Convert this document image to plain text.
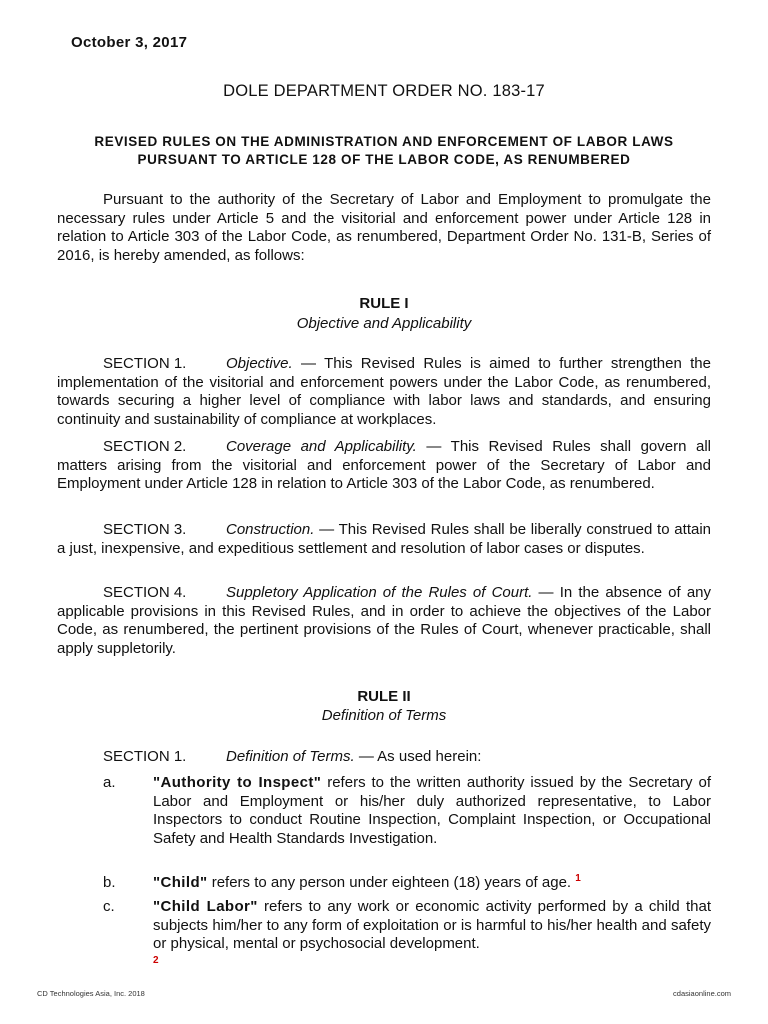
October 3, 2017
DOLE DEPARTMENT ORDER NO. 183-17
REVISED RULES ON THE ADMINISTRATION AND ENFORCEMENT OF LABOR LAWS
PURSUANT TO ARTICLE 128 OF THE LABOR CODE, AS RENUMBERED
Pursuant to the authority of the Secretary of Labor and Employment to promulgate the necessary rules under Article 5 and the visitorial and enforcement power under Article 128 in relation to Article 303 of the Labor Code, as renumbered, Department Order No. 131-B, Series of 2016, is hereby amended, as follows:
RULE I
Objective and Applicability
SECTION 1.	Objective. — This Revised Rules is aimed to further strengthen the implementation of the visitorial and enforcement powers under the Labor Code, as renumbered, towards securing a higher level of compliance with labor laws and standards, and ensuring continuity and sustainability of compliance at workplaces.
SECTION 2.	Coverage and Applicability. — This Revised Rules shall govern all matters arising from the visitorial and enforcement power of the Secretary of Labor and Employment under Article 128 in relation to Article 303 of the Labor Code, as renumbered.
SECTION 3.	Construction. — This Revised Rules shall be liberally construed to attain a just, inexpensive, and expeditious settlement and resolution of labor cases or disputes.
SECTION 4.	Suppletory Application of the Rules of Court. — In the absence of any applicable provisions in this Revised Rules, and in order to achieve the objectives of the Labor Code, as renumbered, the pertinent provisions of the Rules of Court, whenever practicable, shall apply suppletorily.
RULE II
Definition of Terms
SECTION 1.	Definition of Terms. — As used herein:
a. "Authority to Inspect" refers to the written authority issued by the Secretary of Labor and Employment or his/her duly authorized representative, to Labor Inspectors to conduct Routine Inspection, Complaint Inspection, or Occupational Safety and Health Standards Investigation.
b. "Child" refers to any person under eighteen (18) years of age. $^1$
c.	"Child Labor" refers to any work or economic activity performed by a child that subjects him/her to any form of exploitation or is harmful to his/her health and safety or physical, mental or psychosocial development.
2
CD Technologies Asia, Inc. 2018	cdasiaonline.com
